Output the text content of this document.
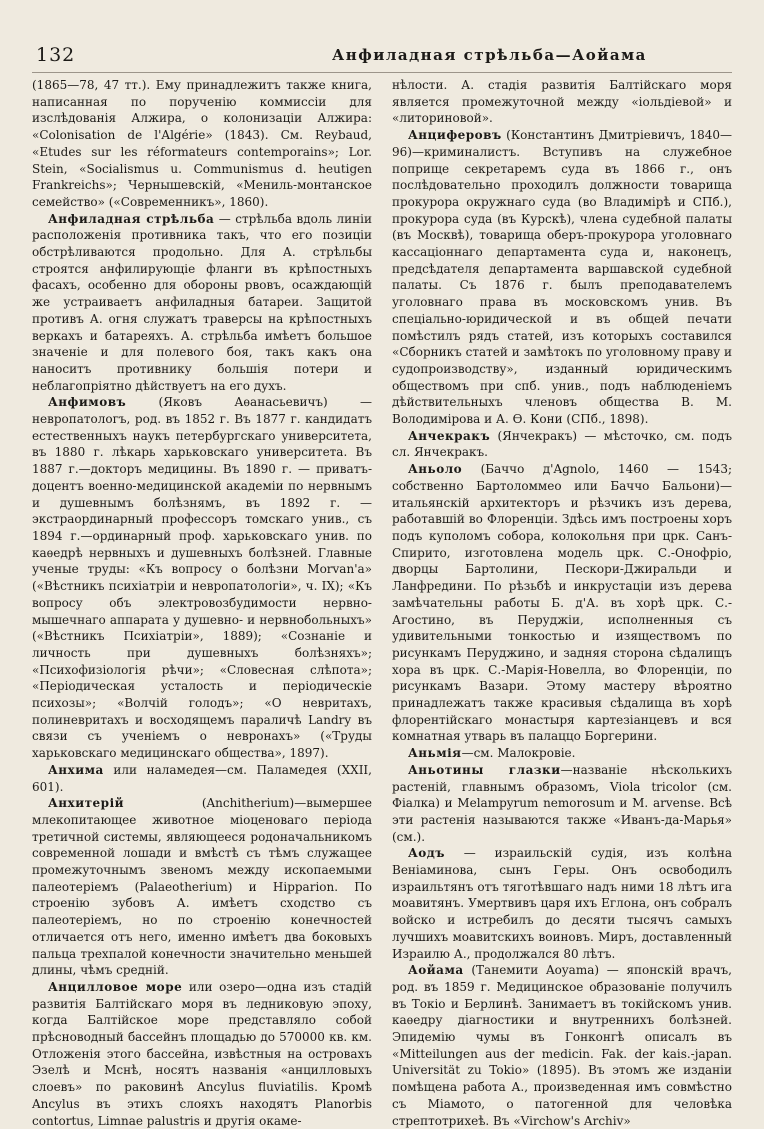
132	Анфиладная стрѣльба—Аойама

(1865—78, 47 тт.). Ему принадлежитъ также книга, написанная по порученію коммиссіи для изслѣдованія Алжира, о колонизаціи Алжира: «Colonisation de l'Algérie» (1843). См. Reybaud, «Etudes sur les réformateurs contemporains»; Lor. Stein, «Socialismus u. Communismus d. heutigen Frankreichs»; Чернышевскій, «Мениль-монтанское семейство» («Современникъ», 1860).

Анфиладная стрѣльба — стрѣльба вдоль линіи расположенія противника такъ, что его позиціи обстрѣливаются продольно. Для А. стрѣльбы строятся анфилирующіе фланги въ крѣпостныхъ фасахъ, особенно для обороны рвовъ, осаждающій же устраиваетъ анфиладныя батареи. Защитой противъ А. огня служатъ траверсы на крѣпостныхъ веркахъ и батареяхъ. А. стрѣльба имѣетъ большое значеніе и для полевого боя, такъ какъ она наноситъ противнику большія потери и неблагопріятно дѣйствуетъ на его духъ.

Анфимовъ (Яковъ Аѳанасьевичъ) — невропатологъ, род. въ 1852 г. Въ 1877 г. кандидатъ естественныхъ наукъ петербургскаго университета, въ 1880 г. лѣкарь харьковскаго университета. Въ 1887 г.—докторъ медицины. Въ 1890 г. — приватъ-доцентъ военно-медицинской академіи по нервнымъ и душевнымъ болѣзнямъ, въ 1892 г. — экстраординарный профессоръ томскаго унив., съ 1894 г.—ординарный проф. харьковскаго унив. по каѳедрѣ нервныхъ и душевныхъ болѣзней. Главные ученые труды: «Къ вопросу о болѣзни Morvan'a» («Вѣстникъ психіатріи и невропатологіи», ч. IX); «Къ вопросу объ электровозбудимости нервно-мышечнаго аппарата у душевно- и нервнобольныхъ» («Вѣстникъ Психіатріи», 1889); «Сознаніе и личность при душевныхъ болѣзняхъ»; «Психофизіологія рѣчи»; «Словесная слѣпота»; «Періодическая усталость и періодическіе психозы»; «Волчій голодъ»; «О невритахъ, полиневритахъ и восходящемъ параличѣ Landry въ связи съ ученіемъ о невронахъ» («Труды харьковскаго медицинскаго общества», 1897).

Анхима или наламедея—см. Паламедея (XXII, 601).

Анхитерій (Anchitherium)—вымершее млекопитающее животное міоценоваго періода третичной системы, являющееся родоначальникомъ современной лошади и вмѣстѣ съ тѣмъ служащее промежуточнымъ звеномъ между ископаемыми палеотеріемъ (Palaeotherium) и Hipparion. По строенію зубовъ А. имѣетъ сходство съ палеотеріемъ, но по строенію конечностей отличается отъ него, именно имѣетъ два боковыхъ пальца трехпалой конечности значительно меньшей длины, чѣмъ средній.

Анцилловое море или озеро—одна изъ стадій развитія Балтійскаго моря въ ледниковую эпоху, когда Балтійское море представляло собой прѣсноводный бассейнъ площадью до 570000 кв. км. Отложенія этого бассейна, извѣстныя на островахъ Эзелѣ и Мснѣ, носятъ названія «анцилловыхъ слоевъ» по раковинѣ Ancylus fluviatilis. Кромѣ Ancylus въ этихъ слояхъ находятъ Planorbis contortus, Limnae palustris и другія окаме-

нѣлости. А. стадія развитія Балтійскаго моря является промежуточной между «іольдіевой» и «литориновой».

Анциферовъ (Константинъ Дмитріевичъ, 1840—96)—криминалистъ. Вступивъ на служебное поприще секретаремъ суда въ 1866 г., онъ послѣдовательно проходилъ должности товарища прокурора окружнаго суда (во Владимірѣ и СПб.), прокурора суда (въ Курскѣ), члена судебной палаты (въ Москвѣ), товарища оберъ-прокурора уголовнаго кассаціоннаго департамента суда и, наконецъ, предсѣдателя департамента варшавской судебной палаты. Съ 1876 г. былъ преподавателемъ уголовнаго права въ московскомъ унив. Въ спеціально-юридической и въ общей печати помѣстилъ рядъ статей, изъ которыхъ составился «Сборникъ статей и замѣтокъ по уголовному праву и судопроизводству», изданный юридическимъ обществомъ при спб. унив., подъ наблюденіемъ дѣйствительныхъ членовъ общества В. М. Володимірова и А. Ѳ. Кони (СПб., 1898).

Анчекракъ (Янчекракъ) — мѣсточко, см. подъ сл. Янчекракъ.

Аньоло (Баччо д'Agnolo, 1460 — 1543; собственно Бартоломмео или Баччо Бальони)—итальянскій архитекторъ и рѣзчикъ изъ дерева, работавшій во Флоренціи. Здѣсь имъ построены хоръ подъ куполомъ собора, колокольня при црк. Санъ-Спирито, изготовлена модель црк. С.-Онофріо, дворцы Бартолини, Пескори-Джиральди и Ланфредини. По рѣзьбѣ и инкрустаціи изъ дерева замѣчательны работы Б. д'А. въ хорѣ црк. С.-Агостино, въ Перуджіи, исполненныя съ удивительными тонкостью и изяществомъ по рисункамъ Перуджино, и задняя сторона сѣдалищъ хора въ црк. С.-Марія-Новелла, во Флоренціи, по рисункамъ Вазари. Этому мастеру вѣроятно принадлежатъ также красивыя сѣдалища въ хорѣ флорентійскаго монастыря картезіанцевъ и вся комнатная утварь въ палаццо Боргерини.

Аньмія—см. Малокровіе.

Аньотины глазки—названіе нѣсколькихъ растеній, главнымъ образомъ, Viola tricolor (см. Фіалка) и Melampyrum nemorosum и M. arvense. Всѣ эти растенія называются также «Иванъ-да-Марья» (см.).

Аодъ — израильскій судія, изъ колѣна Веніаминова, сынъ Геры. Онъ освободилъ израильтянъ отъ тяготѣвшаго надъ ними 18 лѣтъ ига моавитянъ. Умертвивъ царя ихъ Еглона, онъ собралъ войско и истребилъ до десяти тысячъ самыхъ лучшихъ моавитскихъ воиновъ. Миръ, доставленный Израилю А., продолжался 80 лѣтъ.

Аойама (Танемити Aoyama) — японскій врачъ, род. въ 1859 г. Медицинское образованіе получилъ въ Токіо и Берлинѣ. Занимаетъ въ токійскомъ унив. каѳедру діагностики и внутреннихъ болѣзней. Эпидемію чумы въ Гонконгѣ описалъ въ «Mitteilungen aus der medicin. Fak. der kais.-japan. Universität zu Tokio» (1895). Въ этомъ же изданіи помѣщена работа А., произведенная имъ совмѣстно съ Міамото, о патогенной для человѣка стрептотрихеѣ. Въ «Virchow's Archiv»
